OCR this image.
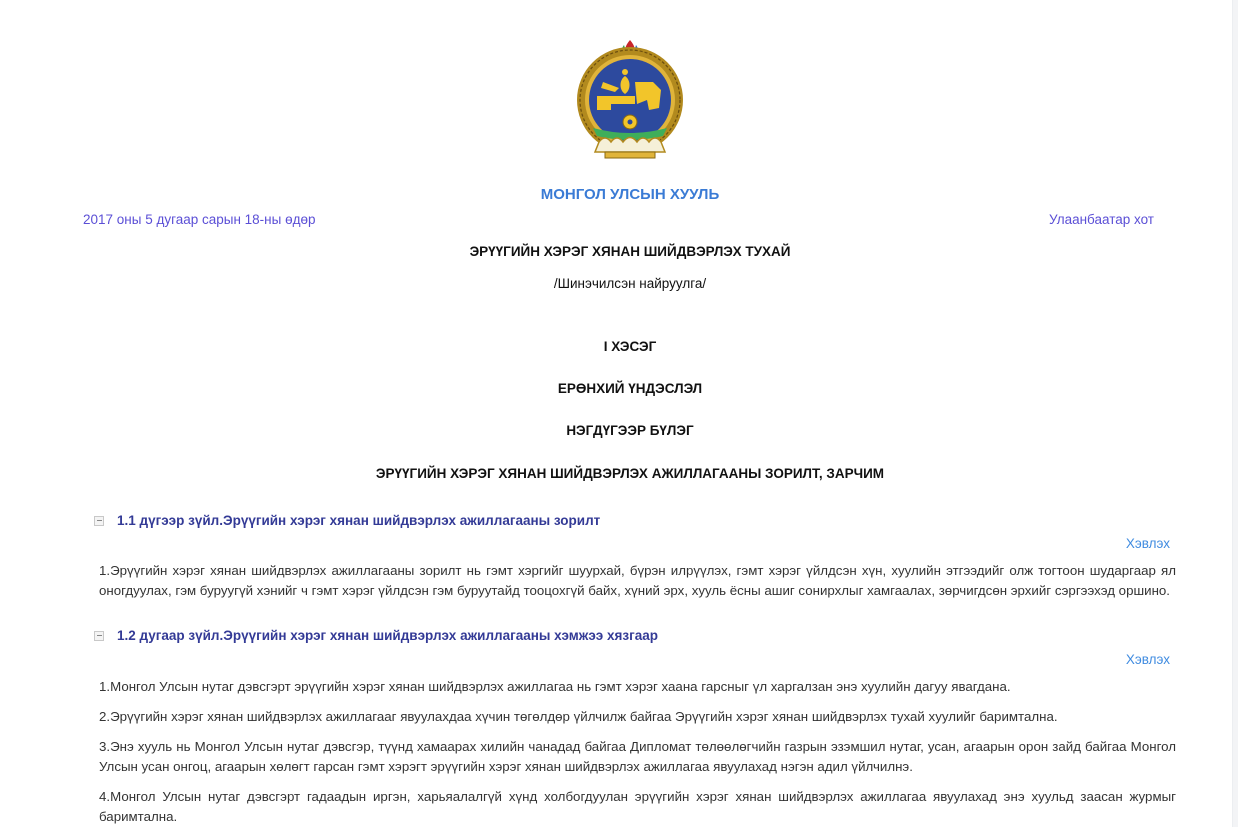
МОНГОЛ УЛСЫН ХУУЛЬ
2017 оны 5 дугаар сарын 18-ны өдөр	Улаанбаатар хот
ЭРҮҮГИЙН ХЭРЭГ ХЯНАН ШИЙДВЭРЛЭХ ТУХАЙ
/Шинэчилсэн найруулга/
I ХЭСЭГ
ЕРӨНХИЙ ҮНДЭСЛЭЛ
НЭГДҮГЭЭР БҮЛЭГ
ЭРҮҮГИЙН ХЭРЭГ ХЯНАН ШИЙДВЭРЛЭХ АЖИЛЛАГААНЫ ЗОРИЛТ, ЗАРЧИМ
1.1 дүгээр зүйл.Эрүүгийн хэрэг хянан шийдвэрлэх ажиллагааны зорилт
Хэвлэх

1.Эрүүгийн хэрэг хянан шийдвэрлэх ажиллагааны зорилт нь гэмт хэргийг шуурхай, бүрэн илрүүлэх, гэмт хэрэг үйлдсэн хүн, хуулийн этгээдийг олж тогтоон шударгаар ял оногдуулах, гэм буруугүй хэнийг ч гэмт хэрэг үйлдсэн гэм буруутайд тооцохгүй байх, хүний эрх, хууль ёсны ашиг сонирхлыг хамгаалах, зөрчигдсөн эрхийг сэргээхэд оршино.

1.2 дугаар зүйл.Эрүүгийн хэрэг хянан шийдвэрлэх ажиллагааны хэмжээ хязгаар
Хэвлэх

1.Монгол Улсын нутаг дэвсгэрт эрүүгийн хэрэг хянан шийдвэрлэх ажиллагаа нь гэмт хэрэг хаана гарсныг үл харгалзан энэ хуулийн дагуу явагдана.

2.Эрүүгийн хэрэг хянан шийдвэрлэх ажиллагааг явуулахдаа хүчин төгөлдөр үйлчилж байгаа Эрүүгийн хэрэг хянан шийдвэрлэх тухай хуулийг баримтална.

3.Энэ хууль нь Монгол Улсын нутаг дэвсгэр, түүнд хамаарах хилийн чанадад байгаа Дипломат төлөөлөгчийн газрын эзэмшил нутаг, усан, агаарын орон зайд байгаа Монгол Улсын усан онгоц, агаарын хөлөгт гарсан гэмт хэрэгт эрүүгийн хэрэг хянан шийдвэрлэх ажиллагаа явуулахад нэгэн адил үйлчилнэ.

4.Монгол Улсын нутаг дэвсгэрт гадаадын иргэн, харьяалалгүй хүнд холбогдуулан эрүүгийн хэрэг хянан шийдвэрлэх ажиллагаа явуулахад энэ хуульд заасан журмыг баримтална.
